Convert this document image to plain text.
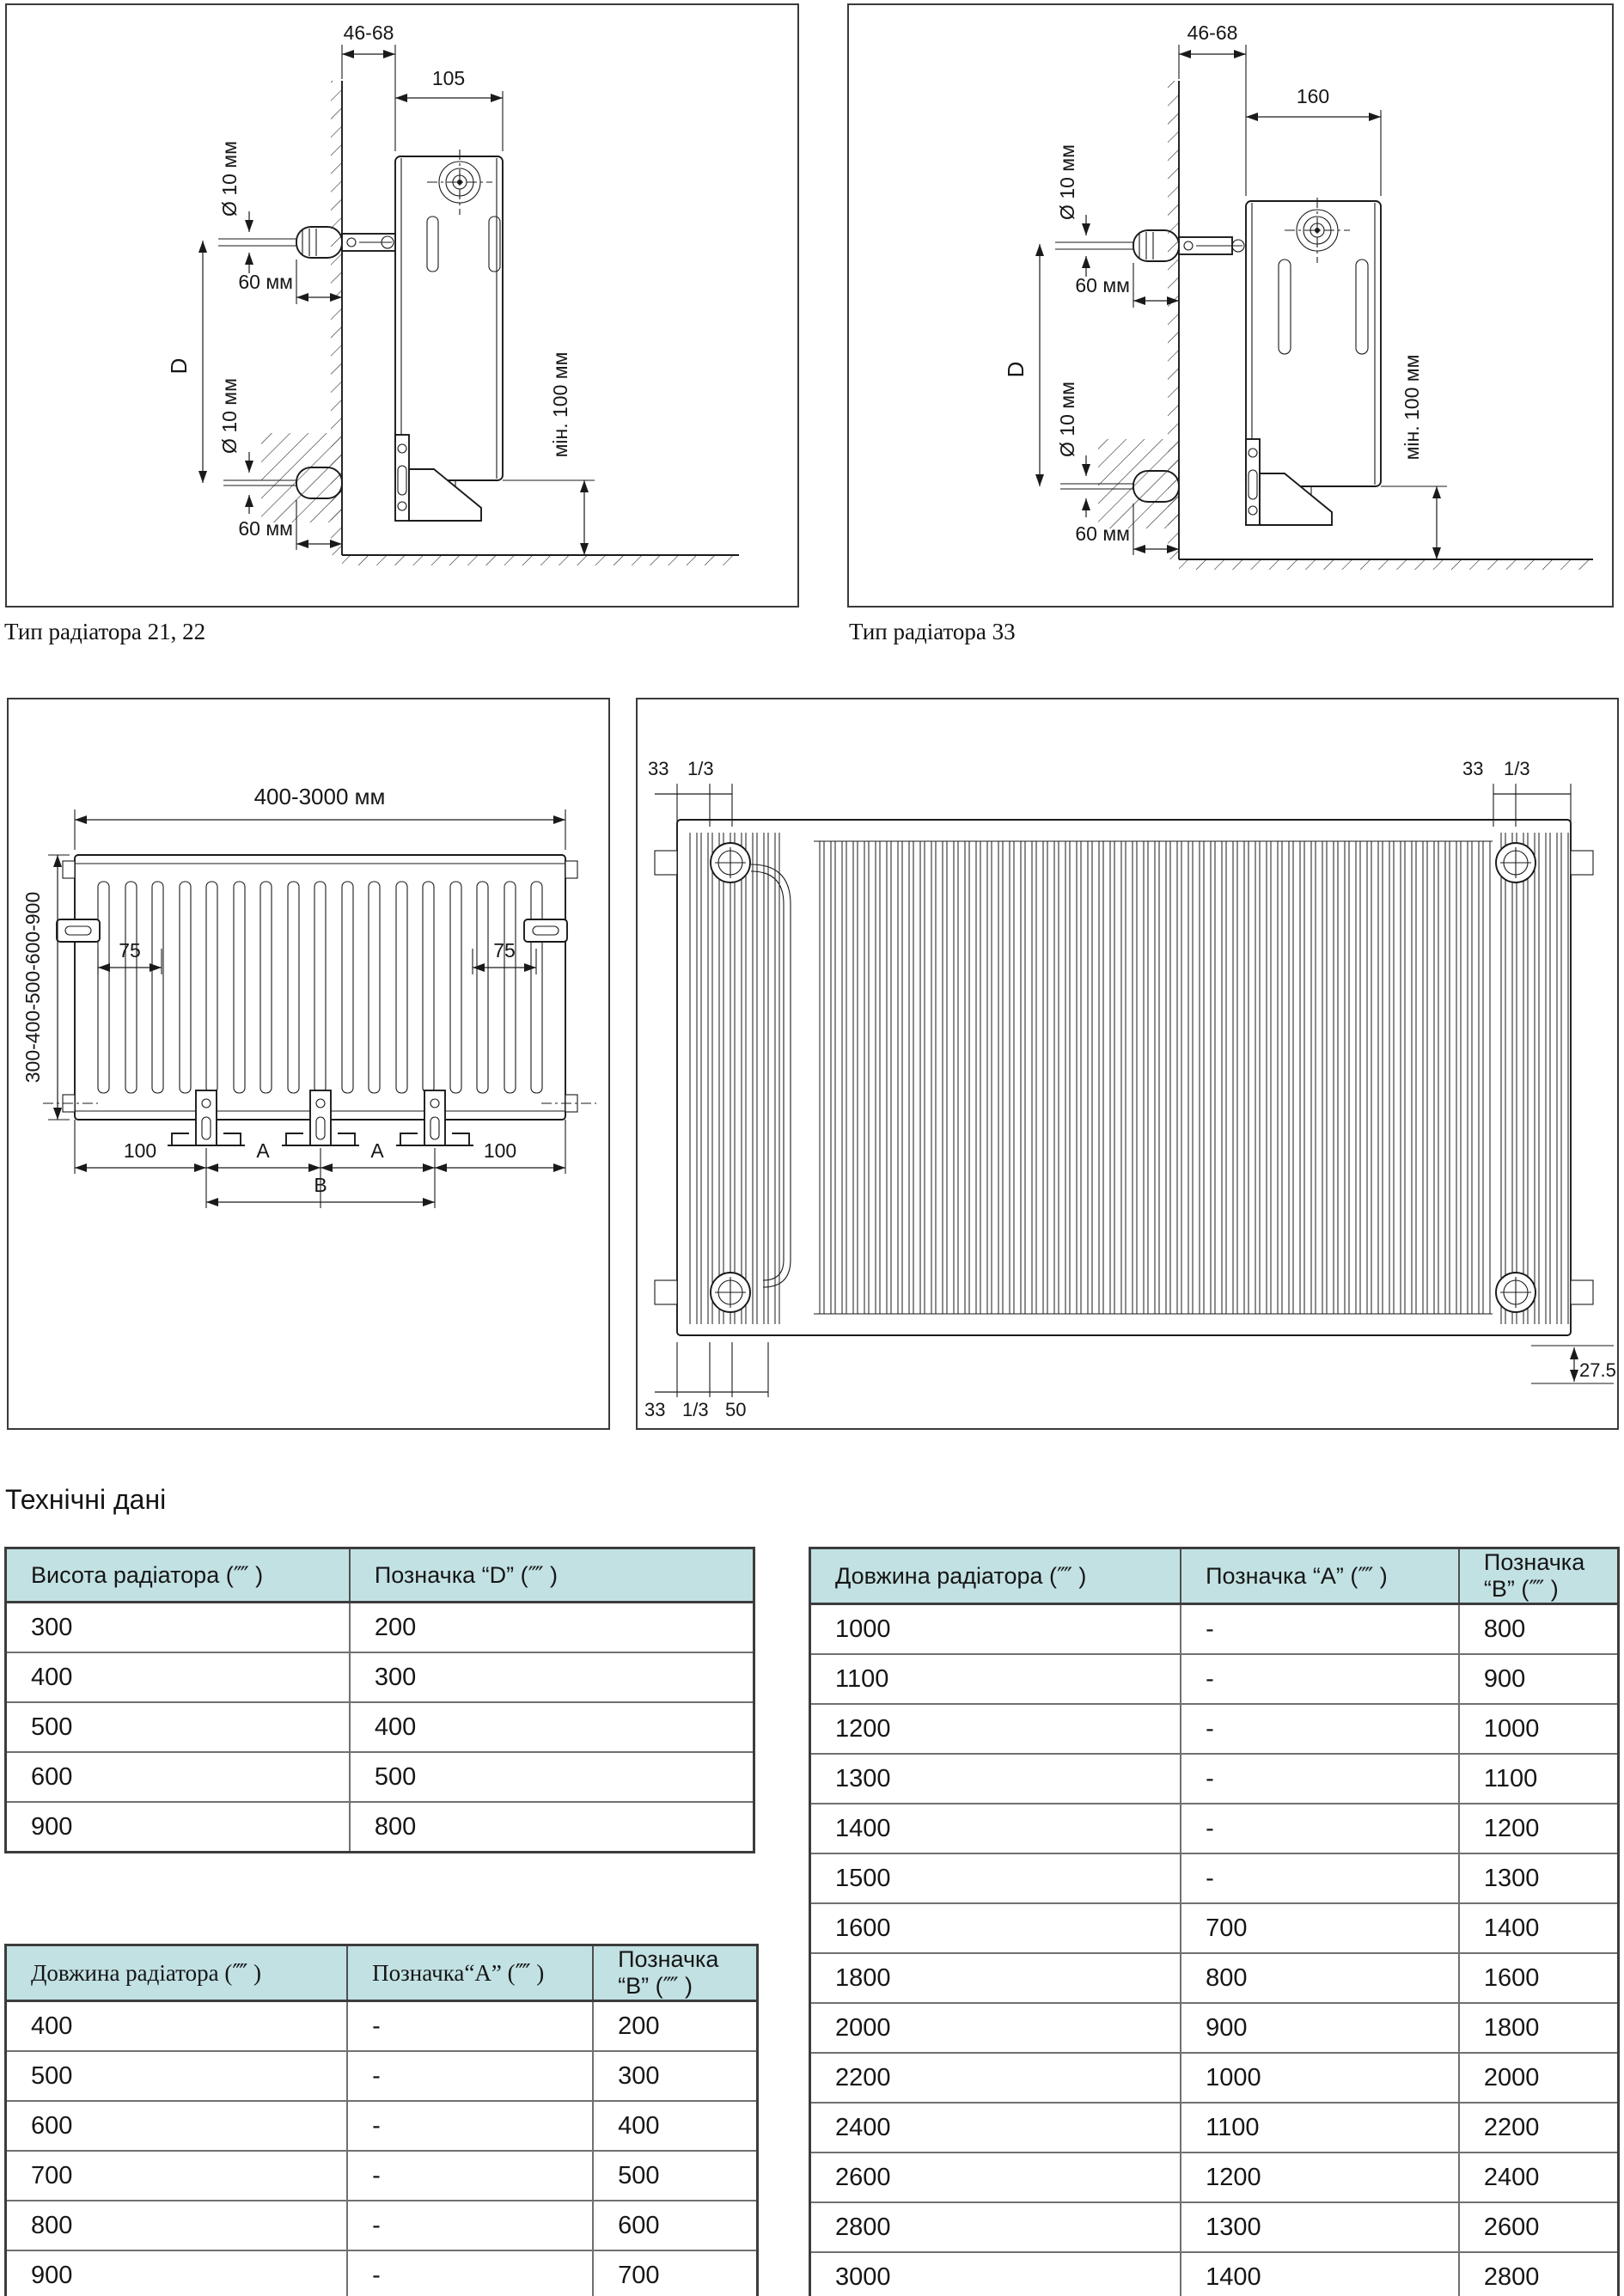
46-68
105
Ø 10 мм
60 мм
D
Ø 10 мм
60 мм
мін. 100 мм
46-68
160
Ø 10 мм
60 мм
D
Ø 10 мм
60 мм
мін. 100 мм
Тип радіатора 21, 22	Тип радіатора 33
400-3000 мм
300-400-500-600-900	75	75
100	A	A	100
B
33 1/3	33 1/3
33 1/3 50
27.5
Технічні дані
Висота радіатора (⁗ )	Позначка “D” (⁗ )
300	200
400	300
500	400
600	500
900	800
Довжина радіатора (⁗ )	Позначка“А” (⁗ )	Позначка “В” (⁗ )
400	-	200
500	-	300
600	-	400
700	-	500
800	-	600
900	-	700
Довжина радіатора (⁗ )	Позначка “А” (⁗ )	Позначка “В” (⁗ )
1000	-	800
1100	-	900
1200	-	1000
1300	-	1100
1400	-	1200
1500	-	1300
1600	700	1400
1800	800	1600
2000	900	1800
2200	1000	2000
2400	1100	2200
2600	1200	2400
2800	1300	2600
3000	1400	2800
